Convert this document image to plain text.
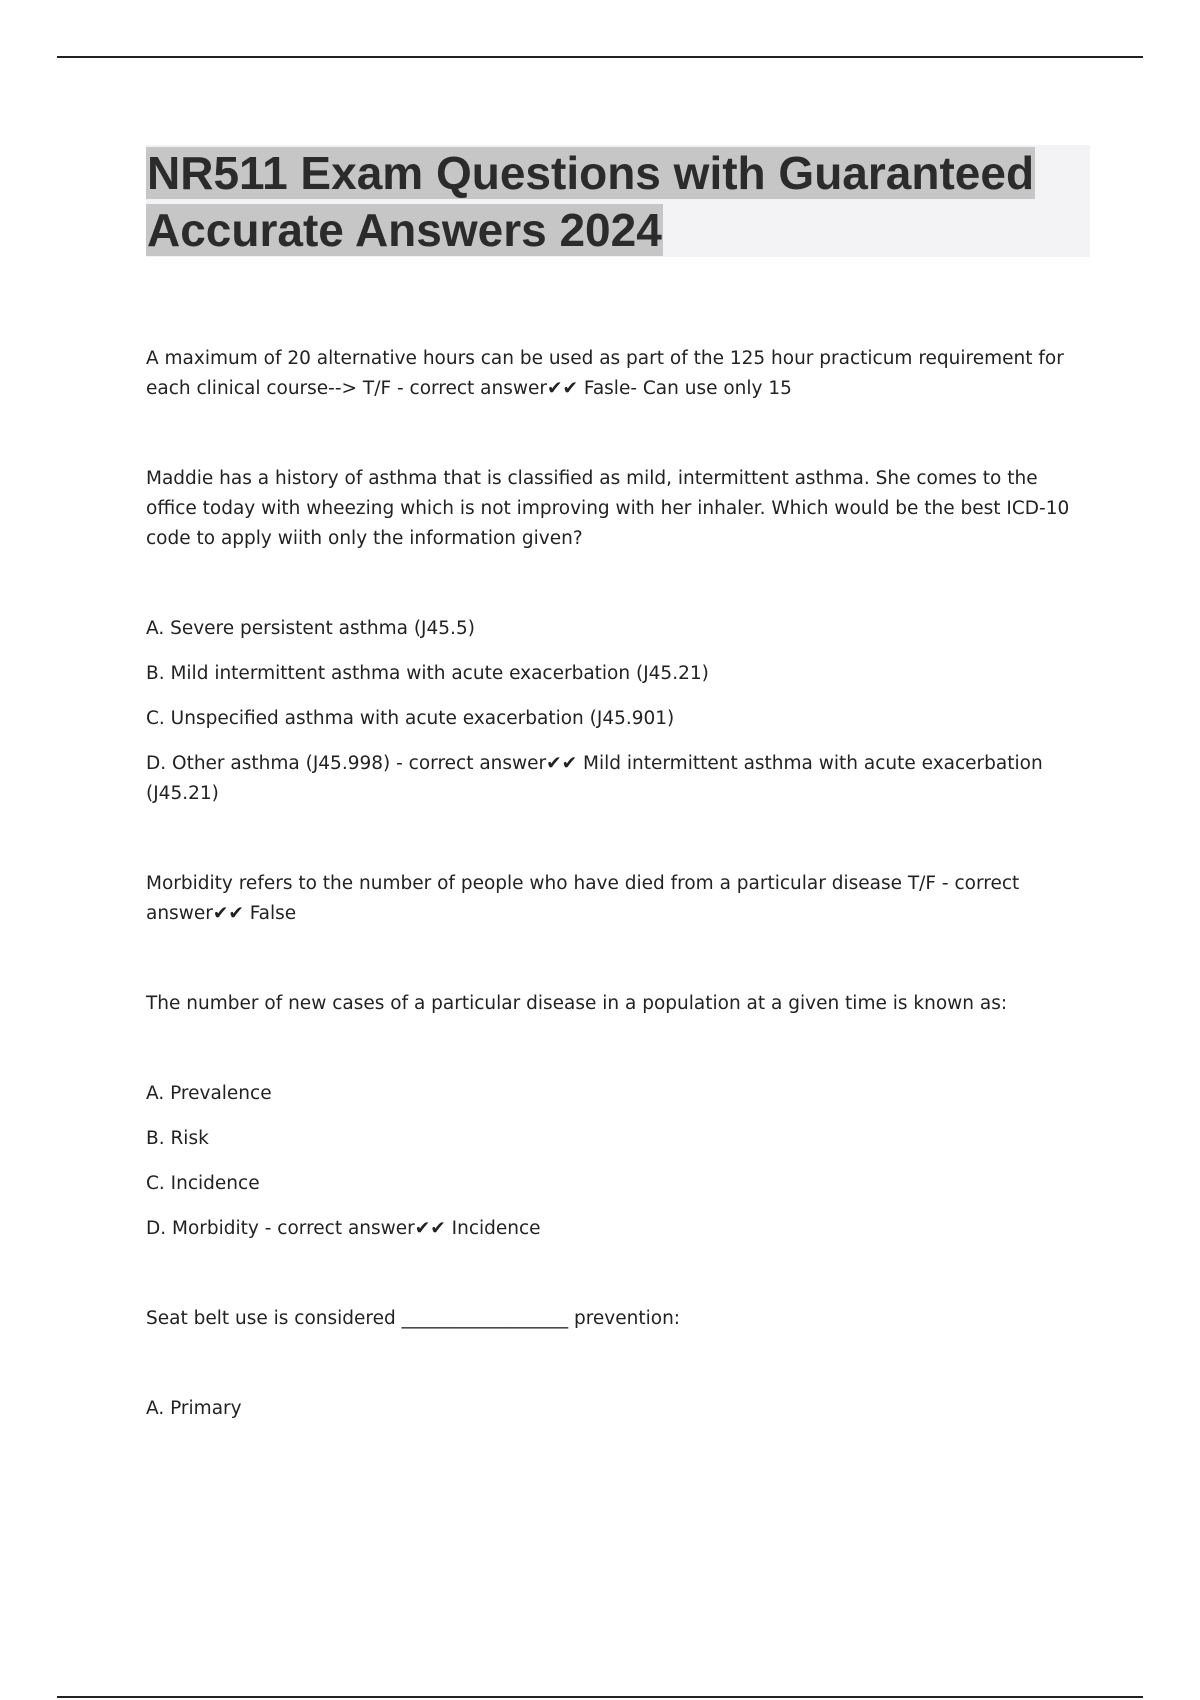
NR511 Exam Questions with Guaranteed
Accurate Answers 2024

A maximum of 20 alternative hours can be used as part of the 125 hour practicum requirement for each clinical course--> T/F - correct answer✔✔ Fasle- Can use only 15

Maddie has a history of asthma that is classified as mild, intermittent asthma. She comes to the office today with wheezing which is not improving with her inhaler. Which would be the best ICD-10 code to apply wiith only the information given?

A. Severe persistent asthma (J45.5)

B. Mild intermittent asthma with acute exacerbation (J45.21)

C. Unspecified asthma with acute exacerbation (J45.901)

D. Other asthma (J45.998) - correct answer✔✔ Mild intermittent asthma with acute exacerbation (J45.21)

Morbidity refers to the number of people who have died from a particular disease T/F - correct answer✔✔ False

The number of new cases of a particular disease in a population at a given time is known as:

A. Prevalence

B. Risk

C. Incidence

D. Morbidity - correct answer✔✔ Incidence

Seat belt use is considered __________________ prevention:

A. Primary
